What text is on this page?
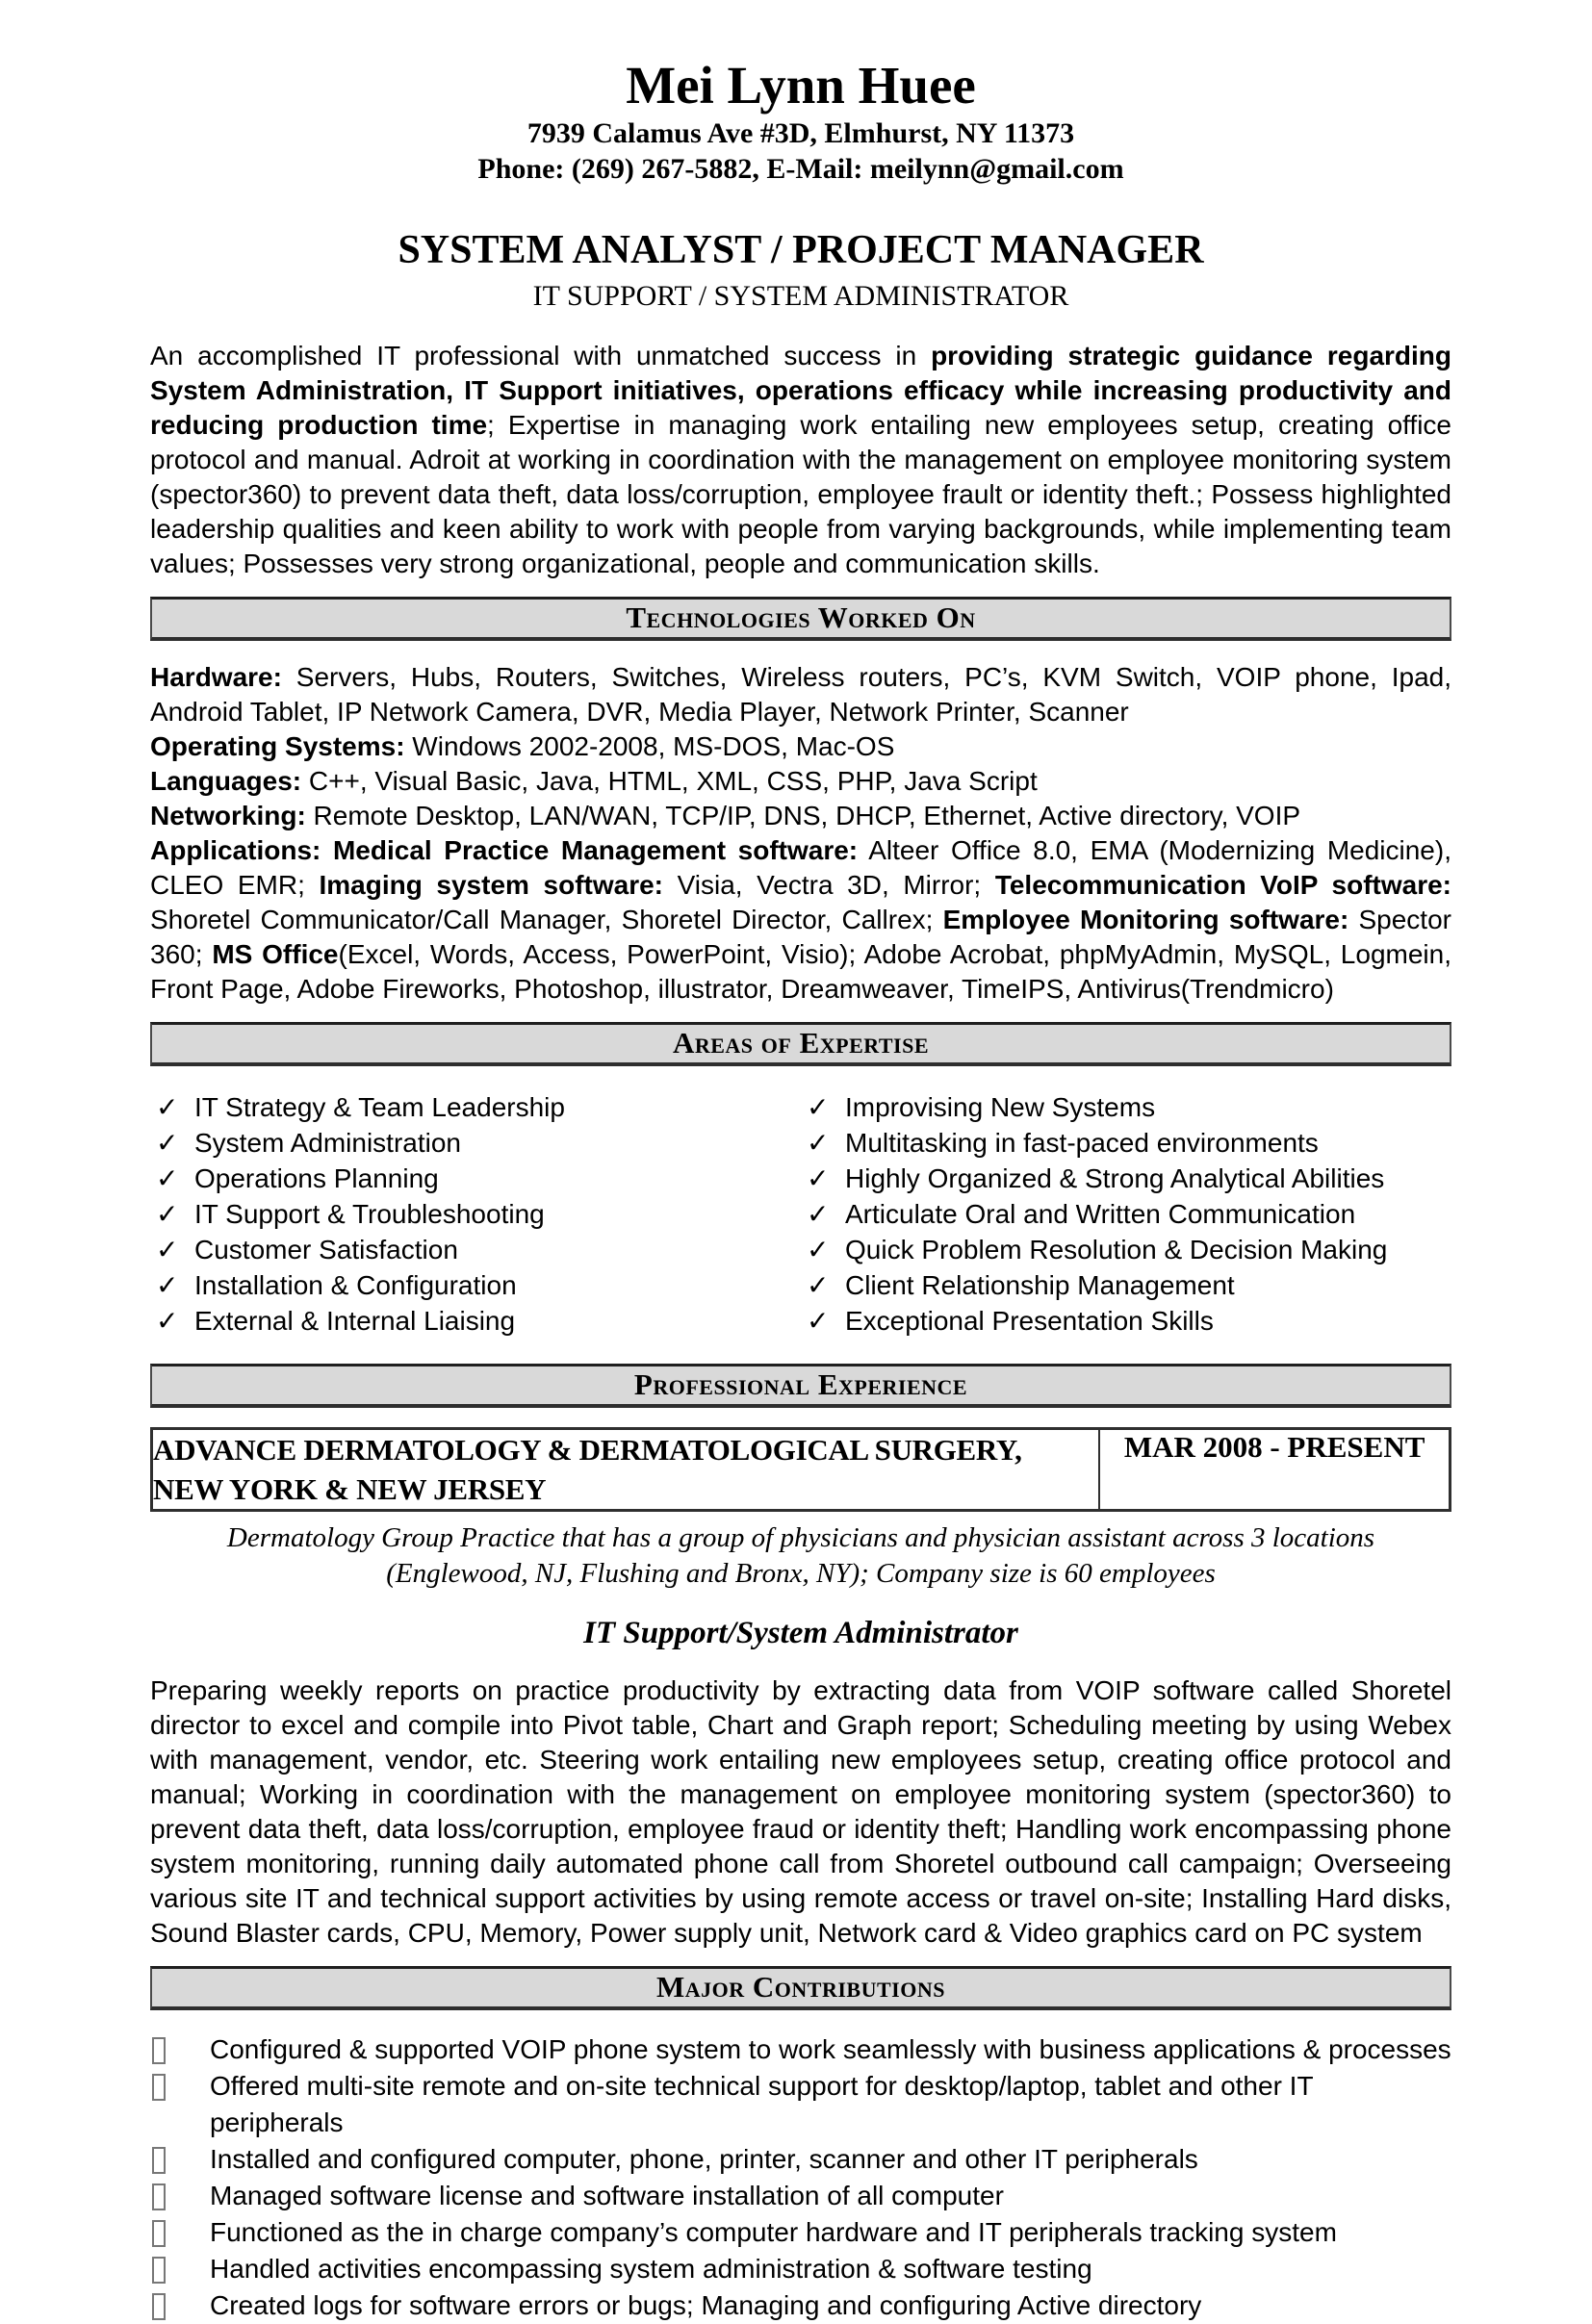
Mei Lynn Huee
7939 Calamus Ave #3D, Elmhurst, NY 11373
Phone: (269) 267-5882, E-Mail: meilynn@gmail.com
SYSTEM ANALYST / PROJECT MANAGER
IT SUPPORT / SYSTEM ADMINISTRATOR

An accomplished IT professional with unmatched success in providing strategic guidance regarding System Administration, IT Support initiatives, operations efficacy while increasing productivity and reducing production time; Expertise in managing work entailing new employees setup, creating office protocol and manual. Adroit at working in coordination with the management on employee monitoring system (spector360) to prevent data theft, data loss/corruption, employee frault or identity theft.; Possess highlighted leadership qualities and keen ability to work with people from varying backgrounds, while implementing team values; Possesses very strong organizational, people and communication skills.

Technologies Worked On

Hardware: Servers, Hubs, Routers, Switches, Wireless routers, PC’s, KVM Switch, VOIP phone, Ipad, Android Tablet, IP Network Camera, DVR, Media Player, Network Printer, Scanner

Operating Systems: Windows 2002-2008, MS-DOS, Mac-OS

Languages: C++, Visual Basic, Java, HTML, XML, CSS, PHP, Java Script

Networking: Remote Desktop, LAN/WAN, TCP/IP, DNS, DHCP, Ethernet, Active directory, VOIP

Applications: Medical Practice Management software: Alteer Office 8.0, EMA (Modernizing Medicine), CLEO EMR; Imaging system software: Visia, Vectra 3D, Mirror; Telecommunication VoIP software: Shoretel Communicator/Call Manager, Shoretel Director, Callrex; Employee Monitoring software: Spector 360; MS Office(Excel, Words, Access, PowerPoint, Visio); Adobe Acrobat, phpMyAdmin, MySQL, Logmein, Front Page, Adobe Fireworks, Photoshop, illustrator, Dreamweaver, TimeIPS, Antivirus(Trendmicro)

Areas of Expertise
✓ IT Strategy & Team Leadership
✓ System Administration
✓ Operations Planning
✓ IT Support & Troubleshooting
✓ Customer Satisfaction
✓ Installation & Configuration
✓ External & Internal Liaising
✓ Improvising New Systems
✓ Multitasking in fast-paced environments
✓ Highly Organized & Strong Analytical Abilities
✓ Articulate Oral and Written Communication
✓ Quick Problem Resolution & Decision Making
✓ Client Relationship Management
✓ Exceptional Presentation Skills
Professional Experience
ADVANCE DERMATOLOGY & DERMATOLOGICAL SURGERY,
NEW YORK & NEW JERSEY
	MAR 2008 - PRESENT

Dermatology Group Practice that has a group of physicians and physician assistant across 3 locations (Englewood, NJ, Flushing and Bronx, NY); Company size is 60 employees

IT Support/System Administrator

Preparing weekly reports on practice productivity by extracting data from VOIP software called Shoretel director to excel and compile into Pivot table, Chart and Graph report; Scheduling meeting by using Webex with management, vendor, etc. Steering work entailing new employees setup, creating office protocol and manual; Working in coordination with the management on employee monitoring system (spector360) to prevent data theft, data loss/corruption, employee fraud or identity theft; Handling work encompassing phone system monitoring, running daily automated phone call from Shoretel outbound call campaign; Overseeing various site IT and technical support activities by using remote access or travel on-site; Installing Hard disks, Sound Blaster cards, CPU, Memory, Power supply unit, Network card & Video graphics card on PC system

Major Contributions
Configured & supported VOIP phone system to work seamlessly with business applications & processes
Offered multi-site remote and on-site technical support for desktop/laptop, tablet and other IT peripherals
Installed and configured computer, phone, printer, scanner and other IT peripherals
Managed software license and software installation of all computer
Functioned as the in charge company’s computer hardware and IT peripherals tracking system
Handled activities encompassing system administration & software testing
Created logs for software errors or bugs; Managing and configuring Active directory
